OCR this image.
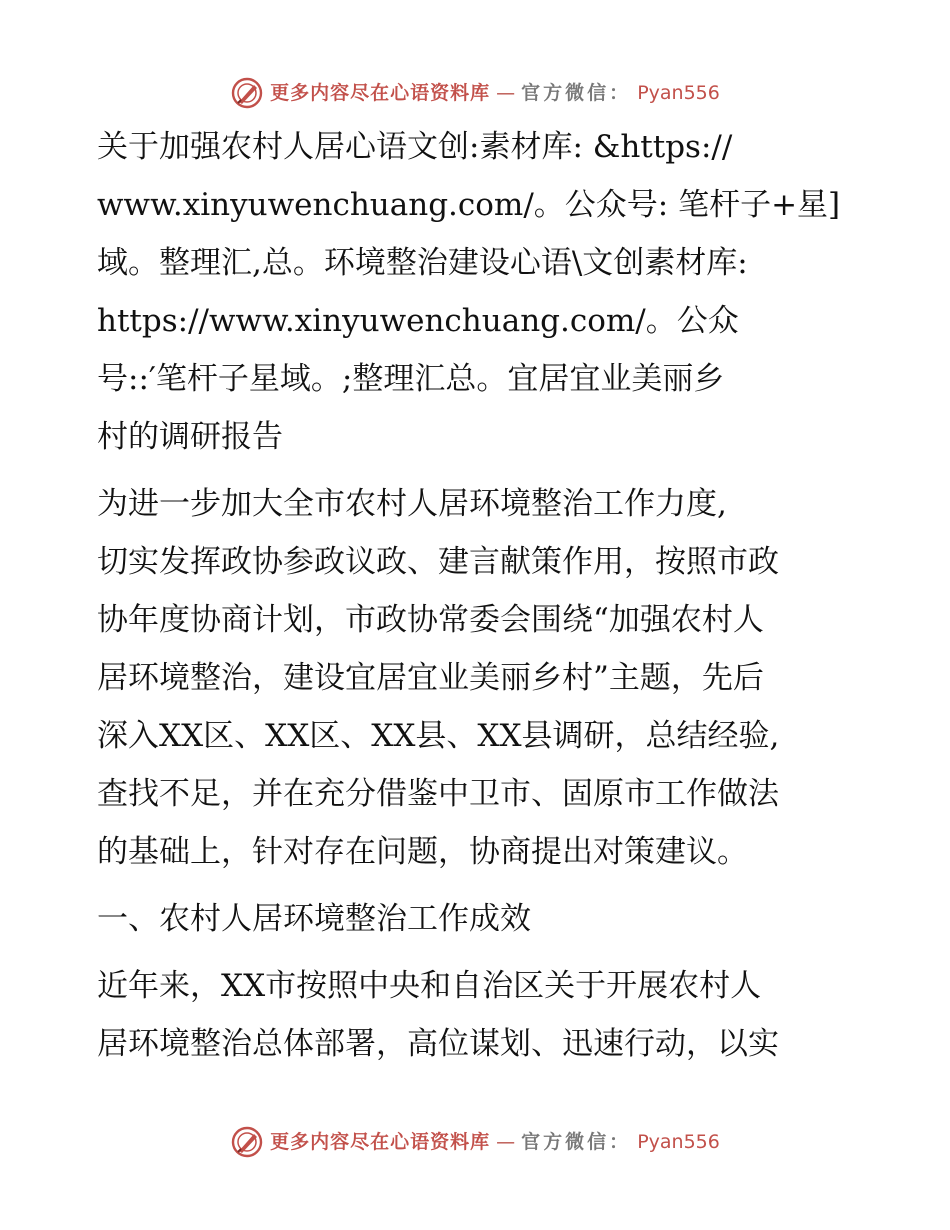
更多内容尽在心语资料库 — 官方微信： Pyan556

关于加强农村人居心语文创:素材库: &https://
www.xinyuwenchuang.com/。公众号: 笔杆子+星]
域。整理汇,总。环境整治建设心语\文创素材库:
https://www.xinyuwenchuang.com/。公众
号::′笔杆子星域。;整理汇总。宜居宜业美丽乡
村的调研报告

为进一步加大全市农村人居环境整治工作力度,
切实发挥政协参政议政、建言献策作用，按照市政
协年度协商计划，市政协常委会围绕“加强农村人
居环境整治，建设宜居宜业美丽乡村”主题，先后
深入XX区、XX区、XX县、XX县调研，总结经验,
查找不足，并在充分借鉴中卫市、固原市工作做法
的基础上，针对存在问题，协商提出对策建议。

一、农村人居环境整治工作成效

近年来，XX市按照中央和自治区关于开展农村人
居环境整治总体部署，高位谋划、迅速行动，以实

更多内容尽在心语资料库 — 官方微信： Pyan556
